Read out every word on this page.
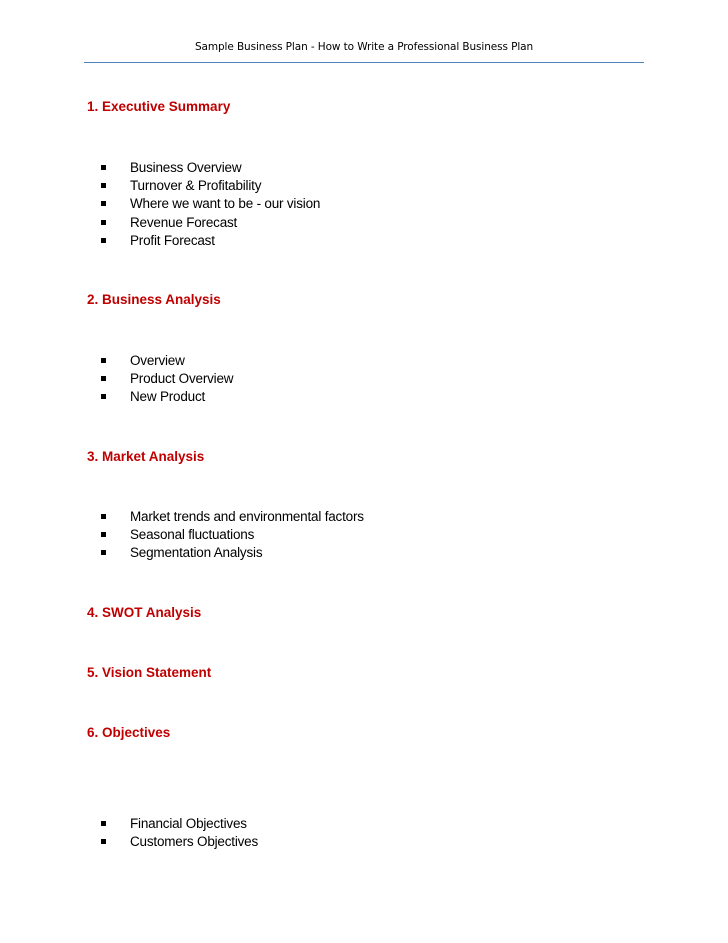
Sample Business Plan - How to Write a Professional Business Plan
1. Executive Summary
Business Overview
Turnover & Profitability
Where we want to be - our vision
Revenue Forecast
Profit Forecast
2. Business Analysis
Overview
Product Overview
New Product
3. Market Analysis
Market trends and environmental factors
Seasonal fluctuations
Segmentation Analysis
4. SWOT Analysis
5. Vision Statement
6. Objectives
Financial Objectives
Customers Objectives
